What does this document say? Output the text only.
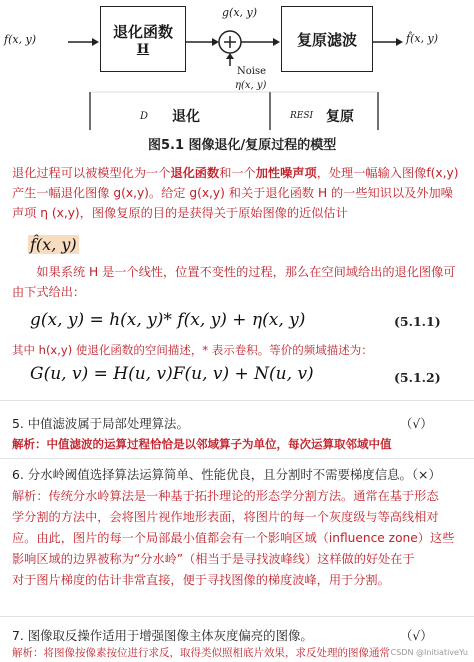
f(x, y)	退化函数
H
g(x, y)
复原滤波	f̂(x, y)
Noise
η(x, y)
D 退化	RESI 复原
图5.1 图像退化/复原过程的模型
退化过程可以被模型化为一个退化函数和一个加性噪声项，处理一幅输入图像f(x,y) 产生一幅退化图像 g(x,y)。给定 g(x,y) 和关于退化函数 H 的一些知识以及外加噪声项 η (x,y)，图像复原的目的是获得关于原始图像的近似估计
f̂(x, y)
如果系统 H 是一个线性，位置不变性的过程，那么在空间域给出的退化图像可由下式给出：
g(x, y) = h(x, y)* f(x, y) + η(x, y)	(5.1.1)
其中 h(x,y) 使退化函数的空间描述，* 表示卷积。等价的频域描述为：
G(u, v) = H(u, v)F(u, v) + N(u, v)	(5.1.2)
5. 中值滤波属于局部处理算法。	（√）
解析：中值滤波的运算过程恰恰是以邻域算子为单位，每次运算取邻域中值
6. 分水岭阈值选择算法运算简单、性能优良，且分割时不需要梯度信息。（×）
解析：传统分水岭算法是一种基于拓扑理论的形态学分割方法。通常在基于形态
学分割的方法中，会将图片视作地形表面，将图片的每一个灰度级与等高线相对
应。由此，图片的每一个局部最小值都会有一个影响区域（influence zone）这些
影响区域的边界被称为“分水岭”（相当于是寻找波峰线）这样做的好处在于
对于图片梯度的估计非常直接，便于寻找图像的梯度波峰，用于分割。
7. 图像取反操作适用于增强图像主体灰度偏亮的图像。	（√）
解析：将图像按像素按位进行求反，取得类似照相底片效果，求反处理的图像通常 CSDN @InitiativeYu
